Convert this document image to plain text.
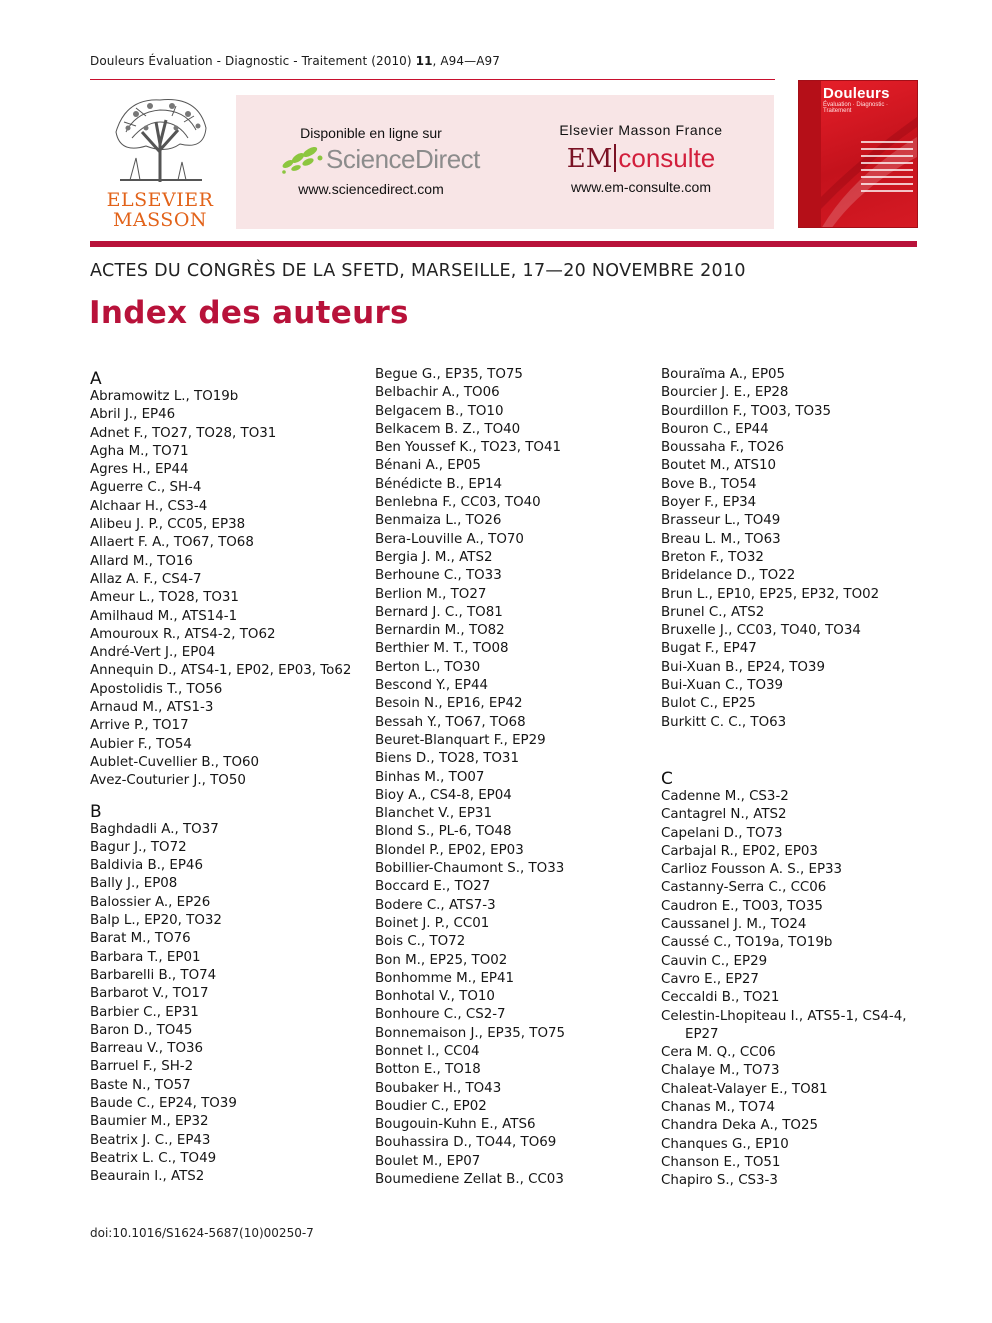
Douleurs Évaluation - Diagnostic - Traitement (2010) 11, A94—A97
ELSEVIER
MASSON
Disponible en ligne sur
ScienceDirect
www.sciencedirect.com
Elsevier Masson France
EM consulte
www.em-consulte.com
Douleurs
Évaluation · Diagnostic · Traitement
ACTES DU CONGRÈS DE LA SFETD, MARSEILLE, 17—20 NOVEMBRE 2010
Index des auteurs
A
Abramowitz L., TO19b
Abril J., EP46
Adnet F., TO27, TO28, TO31
Agha M., TO71
Agres H., EP44
Aguerre C., SH-4
Alchaar H., CS3-4
Alibeu J. P., CC05, EP38
Allaert F. A., TO67, TO68
Allard M., TO16
Allaz A. F., CS4-7
Ameur L., TO28, TO31
Amilhaud M., ATS14-1
Amouroux R., ATS4-2, TO62
André-Vert J., EP04
Annequin D., ATS4-1, EP02, EP03, To62
Apostolidis T., TO56
Arnaud M., ATS1-3
Arrive P., TO17
Aubier F., TO54
Aublet-Cuvellier B., TO60
Avez-Couturier J., TO50
B
Baghdadli A., TO37
Bagur J., TO72
Baldivia B., EP46
Bally J., EP08
Balossier A., EP26
Balp L., EP20, TO32
Barat M., TO76
Barbara T., EP01
Barbarelli B., TO74
Barbarot V., TO17
Barbier C., EP31
Baron D., TO45
Barreau V., TO36
Barruel F., SH-2
Baste N., TO57
Baude C., EP24, TO39
Baumier M., EP32
Beatrix J. C., EP43
Beatrix L. C., TO49
Beaurain I., ATS2
Begue G., EP35, TO75
Belbachir A., TO06
Belgacem B., TO10
Belkacem B. Z., TO40
Ben Youssef K., TO23, TO41
Bénani A., EP05
Bénédicte B., EP14
Benlebna F., CC03, TO40
Benmaiza L., TO26
Bera-Louville A., TO70
Bergia J. M., ATS2
Berhoune C., TO33
Berlion M., TO27
Bernard J. C., TO81
Bernardin M., TO82
Berthier M. T., TO08
Berton L., TO30
Bescond Y., EP44
Besoin N., EP16, EP42
Bessah Y., TO67, TO68
Beuret-Blanquart F., EP29
Biens D., TO28, TO31
Binhas M., TO07
Bioy A., CS4-8, EP04
Blanchet V., EP31
Blond S., PL-6, TO48
Blondel P., EP02, EP03
Bobillier-Chaumont S., TO33
Boccard E., TO27
Bodere C., ATS7-3
Boinet J. P., CC01
Bois C., TO72
Bon M., EP25, TO02
Bonhomme M., EP41
Bonhotal V., TO10
Bonhoure C., CS2-7
Bonnemaison J., EP35, TO75
Bonnet I., CC04
Botton E., TO18
Boubaker H., TO43
Boudier C., EP02
Bougouin-Kuhn E., ATS6
Bouhassira D., TO44, TO69
Boulet M., EP07
Boumediene Zellat B., CC03
Bouraïma A., EP05
Bourcier J. E., EP28
Bourdillon F., TO03, TO35
Bouron C., EP44
Boussaha F., TO26
Boutet M., ATS10
Bove B., TO54
Boyer F., EP34
Brasseur L., TO49
Breau L. M., TO63
Breton F., TO32
Bridelance D., TO22
Brun L., EP10, EP25, EP32, TO02
Brunel C., ATS2
Bruxelle J., CC03, TO40, TO34
Bugat F., EP47
Bui-Xuan B., EP24, TO39
Bui-Xuan C., TO39
Bulot C., EP25
Burkitt C. C., TO63
C
Cadenne M., CS3-2
Cantagrel N., ATS2
Capelani D., TO73
Carbajal R., EP02, EP03
Carlioz Fousson A. S., EP33
Castanny-Serra C., CC06
Caudron E., TO03, TO35
Caussanel J. M., TO24
Caussé C., TO19a, TO19b
Cauvin C., EP29
Cavro E., EP27
Ceccaldi B., TO21
Celestin-Lhopiteau I., ATS5-1, CS4-4, EP27
Cera M. Q., CC06
Chalaye M., TO73
Chaleat-Valayer E., TO81
Chanas M., TO74
Chandra Deka A., TO25
Chanques G., EP10
Chanson E., TO51
Chapiro S., CS3-3
doi:10.1016/S1624-5687(10)00250-7
